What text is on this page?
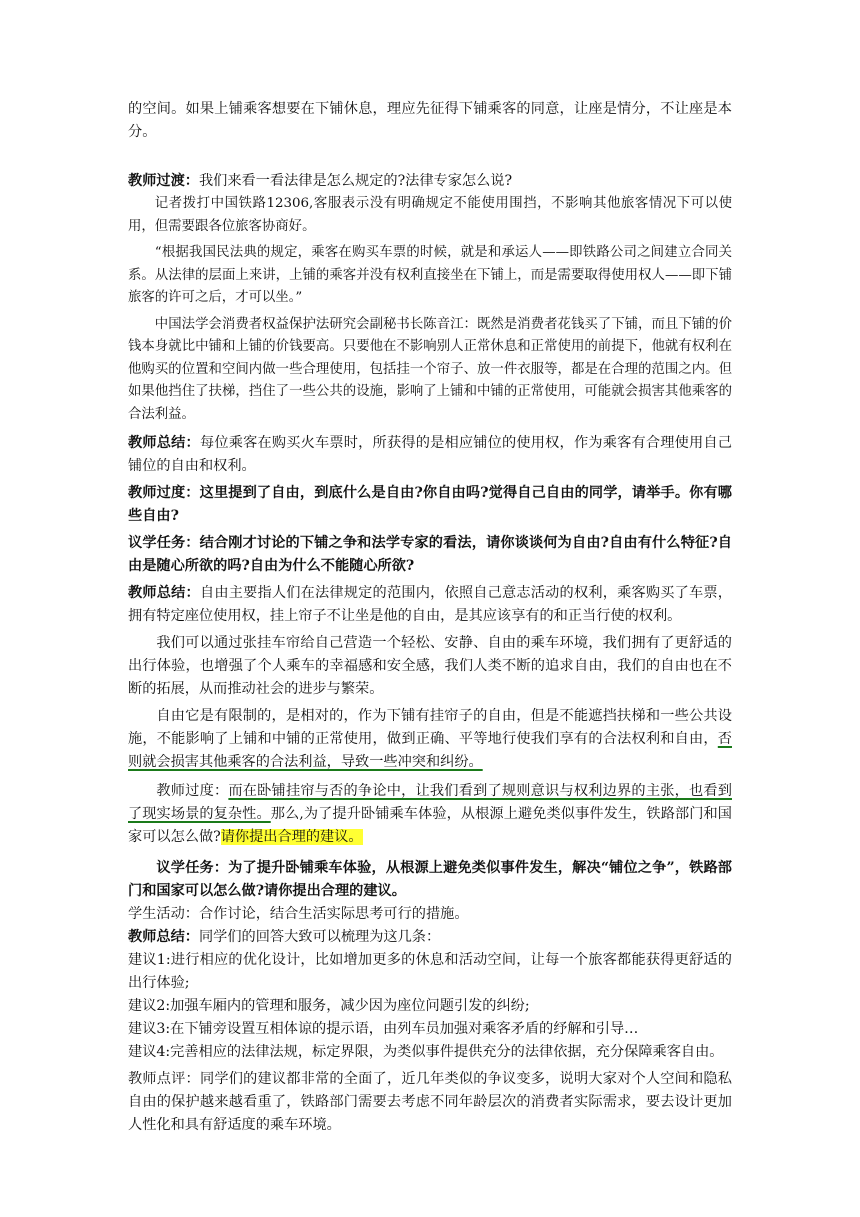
的空间。如果上铺乘客想要在下铺休息，理应先征得下铺乘客的同意，让座是情分，不让座是本分。

教师过渡：我们来看一看法律是怎么规定的?法律专家怎么说?

记者拨打中国铁路12306,客服表示没有明确规定不能使用围挡，不影响其他旅客情况下可以使用，但需要跟各位旅客协商好。

“根据我国民法典的规定，乘客在购买车票的时候，就是和承运人——即铁路公司之间建立合同关系。从法律的层面上来讲，上铺的乘客并没有权利直接坐在下铺上，而是需要取得使用权人——即下铺旅客的许可之后，才可以坐。”

中国法学会消费者权益保护法研究会副秘书长陈音江：既然是消费者花钱买了下铺，而且下铺的价钱本身就比中铺和上铺的价钱要高。只要他在不影响别人正常休息和正常使用的前提下，他就有权利在他购买的位置和空间内做一些合理使用，包括挂一个帘子、放一件衣服等，都是在合理的范围之内。但如果他挡住了扶梯，挡住了一些公共的设施，影响了上铺和中铺的正常使用，可能就会损害其他乘客的合法利益。

教师总结：每位乘客在购买火车票时，所获得的是相应铺位的使用权，作为乘客有合理使用自己铺位的自由和权利。

教师过度：这里提到了自由，到底什么是自由?你自由吗?觉得自己自由的同学，请举手。你有哪些自由?

议学任务：结合刚才讨论的下铺之争和法学专家的看法，请你谈谈何为自由?自由有什么特征?自由是随心所欲的吗?自由为什么不能随心所欲?

教师总结：自由主要指人们在法律规定的范围内，依照自己意志活动的权利，乘客购买了车票，拥有特定座位使用权，挂上帘子不让坐是他的自由，是其应该享有的和正当行使的权利。

我们可以通过张挂车帘给自己营造一个轻松、安静、自由的乘车环境，我们拥有了更舒适的出行体验，也增强了个人乘车的幸福感和安全感，我们人类不断的追求自由，我们的自由也在不断的拓展，从而推动社会的进步与繁荣。

自由它是有限制的，是相对的，作为下铺有挂帘子的自由，但是不能遮挡扶梯和一些公共设施，不能影响了上铺和中铺的正常使用，做到正确、平等地行使我们享有的合法权利和自由，否则就会损害其他乘客的合法利益，导致一些冲突和纠纷。

教师过度：而在卧铺挂帘与否的争论中，让我们看到了规则意识与权利边界的主张，也看到了现实场景的复杂性。那么,为了提升卧铺乘车体验，从根源上避免类似事件发生，铁路部门和国家可以怎么做?请你提出合理的建议。

议学任务：为了提升卧铺乘车体验，从根源上避免类似事件发生，解决“铺位之争”，铁路部门和国家可以怎么做?请你提出合理的建议。

学生活动：合作讨论，结合生活实际思考可行的措施。

教师总结：同学们的回答大致可以梳理为这几条：

建议1:进行相应的优化设计，比如增加更多的休息和活动空间，让每一个旅客都能获得更舒适的出行体验;

建议2:加强车厢内的管理和服务，减少因为座位问题引发的纠纷;

建议3:在下铺旁设置互相体谅的提示语，由列车员加强对乘客矛盾的纾解和引导…

建议4:完善相应的法律法规，标定界限，为类似事件提供充分的法律依据，充分保障乘客自由。

教师点评：同学们的建议都非常的全面了，近几年类似的争议变多，说明大家对个人空间和隐私自由的保护越来越看重了，铁路部门需要去考虑不同年龄层次的消费者实际需求，要去设计更加人性化和具有舒适度的乘车环境。
